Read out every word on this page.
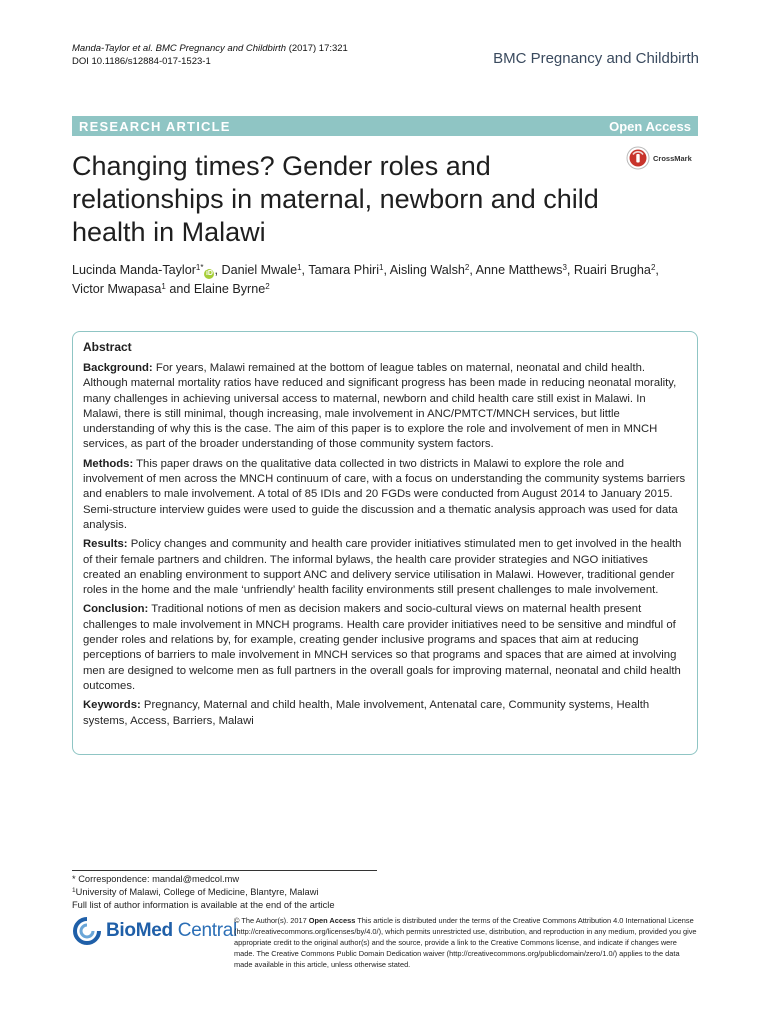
Manda-Taylor et al. BMC Pregnancy and Childbirth (2017) 17:321
DOI 10.1186/s12884-017-1523-1	BMC Pregnancy and Childbirth
RESEARCH ARTICLE	Open Access
CrossMark
Changing times? Gender roles and relationships in maternal, newborn and child health in Malawi
Lucinda Manda-Taylor$^{1*}$iD , Daniel Mwale$^1$, Tamara Phiri$^1$, Aisling Walsh$^2$, Anne Matthews$^3$, Ruairi Brugha$^2$,
Victor Mwapasa$^1$ and Elaine Byrne$^2$

Abstract

Background: For years, Malawi remained at the bottom of league tables on maternal, neonatal and child health. Although maternal mortality ratios have reduced and significant progress has been made in reducing neonatal morality, many challenges in achieving universal access to maternal, newborn and child health care still exist in Malawi. In Malawi, there is still minimal, though increasing, male involvement in ANC/PMTCT/MNCH services, but little understanding of why this is the case. The aim of this paper is to explore the role and involvement of men in MNCH services, as part of the broader understanding of those community system factors.

Methods: This paper draws on the qualitative data collected in two districts in Malawi to explore the role and involvement of men across the MNCH continuum of care, with a focus on understanding the community systems barriers and enablers to male involvement. A total of 85 IDIs and 20 FGDs were conducted from August 2014 to January 2015. Semi-structure interview guides were used to guide the discussion and a thematic analysis approach was used for data analysis.

Results: Policy changes and community and health care provider initiatives stimulated men to get involved in the health of their female partners and children. The informal bylaws, the health care provider strategies and NGO initiatives created an enabling environment to support ANC and delivery service utilisation in Malawi. However, traditional gender roles in the home and the male ‘unfriendly’ health facility environments still present challenges to male involvement.

Conclusion: Traditional notions of men as decision makers and socio-cultural views on maternal health present challenges to male involvement in MNCH programs. Health care provider initiatives need to be sensitive and mindful of gender roles and relations by, for example, creating gender inclusive programs and spaces that aim at reducing perceptions of barriers to male involvement in MNCH services so that programs and spaces that are aimed at involving men are designed to welcome men as full partners in the overall goals for improving maternal, neonatal and child health outcomes.

Keywords: Pregnancy, Maternal and child health, Male involvement, Antenatal care, Community systems, Health systems, Access, Barriers, Malawi

* Correspondence: mandal@medcol.mw
$^1$University of Malawi, College of Medicine, Blantyre, Malawi
Full list of author information is available at the end of the article
BioMed Central
© The Author(s). 2017 Open Access This article is distributed under the terms of the Creative Commons Attribution 4.0 International License (http://creativecommons.org/licenses/by/4.0/), which permits unrestricted use, distribution, and reproduction in any medium, provided you give appropriate credit to the original author(s) and the source, provide a link to the Creative Commons license, and indicate if changes were made. The Creative Commons Public Domain Dedication waiver (http://creativecommons.org/publicdomain/zero/1.0/) applies to the data made available in this article, unless otherwise stated.
